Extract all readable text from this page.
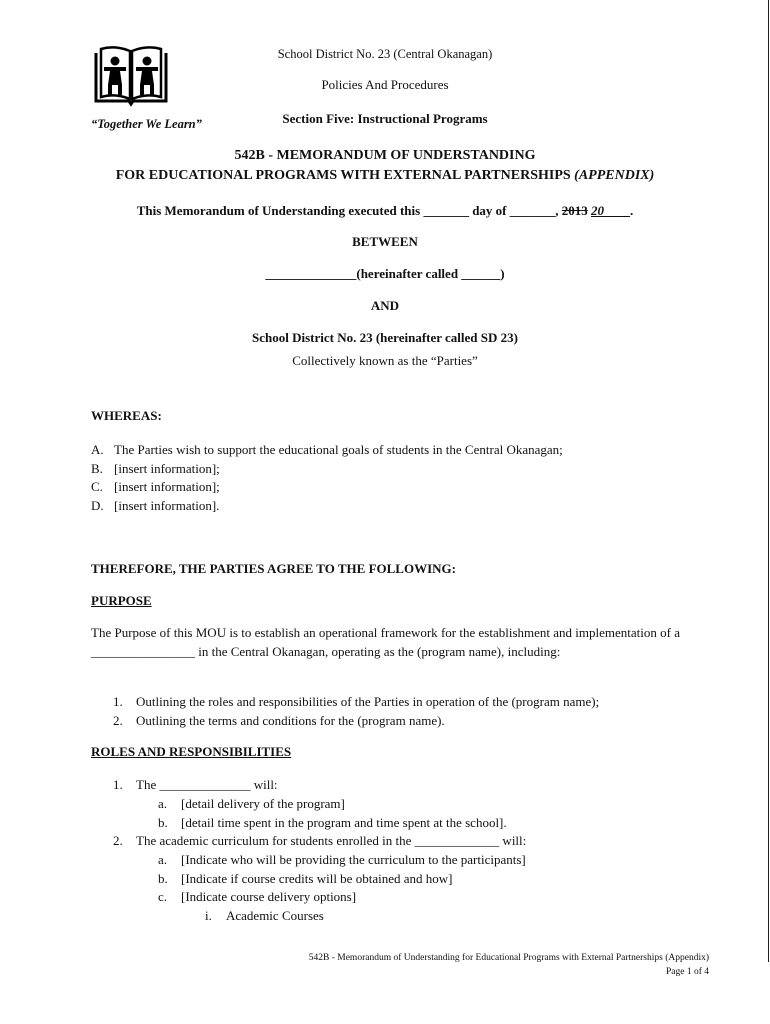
School District No. 23 (Central Okanagan)
Policies And Procedures
“Together We Learn”	Section Five: Instructional Programs
542B - MEMORANDUM OF UNDERSTANDING
FOR EDUCATIONAL PROGRAMS WITH EXTERNAL PARTNERSHIPS (APPENDIX)
This Memorandum of Understanding executed this _______ day of _______, 2013 20____.
BETWEEN
______________(hereinafter called ______)
AND
School District No. 23 (hereinafter called SD 23)
Collectively known as the “Parties”
WHEREAS:
A. The Parties wish to support the educational goals of students in the Central Okanagan;
B. [insert information];
C. [insert information];
D. [insert information].
THEREFORE, THE PARTIES AGREE TO THE FOLLOWING:
PURPOSE
The Purpose of this MOU is to establish an operational framework for the establishment and implementation of a ________________ in the Central Okanagan, operating as the (program name), including:
1. Outlining the roles and responsibilities of the Parties in operation of the (program name);
2. Outlining the terms and conditions for the (program name).
ROLES AND RESPONSIBILITIES
1. The ______________ will:
a. [detail delivery of the program]
b. [detail time spent in the program and time spent at the school].
2. The academic curriculum for students enrolled in the _____________ will:
a. [Indicate who will be providing the curriculum to the participants]
b. [Indicate if course credits will be obtained and how]
c. [Indicate course delivery options]
i. Academic Courses
542B - Memorandum of Understanding for Educational Programs with External Partnerships (Appendix)
Page 1 of 4
